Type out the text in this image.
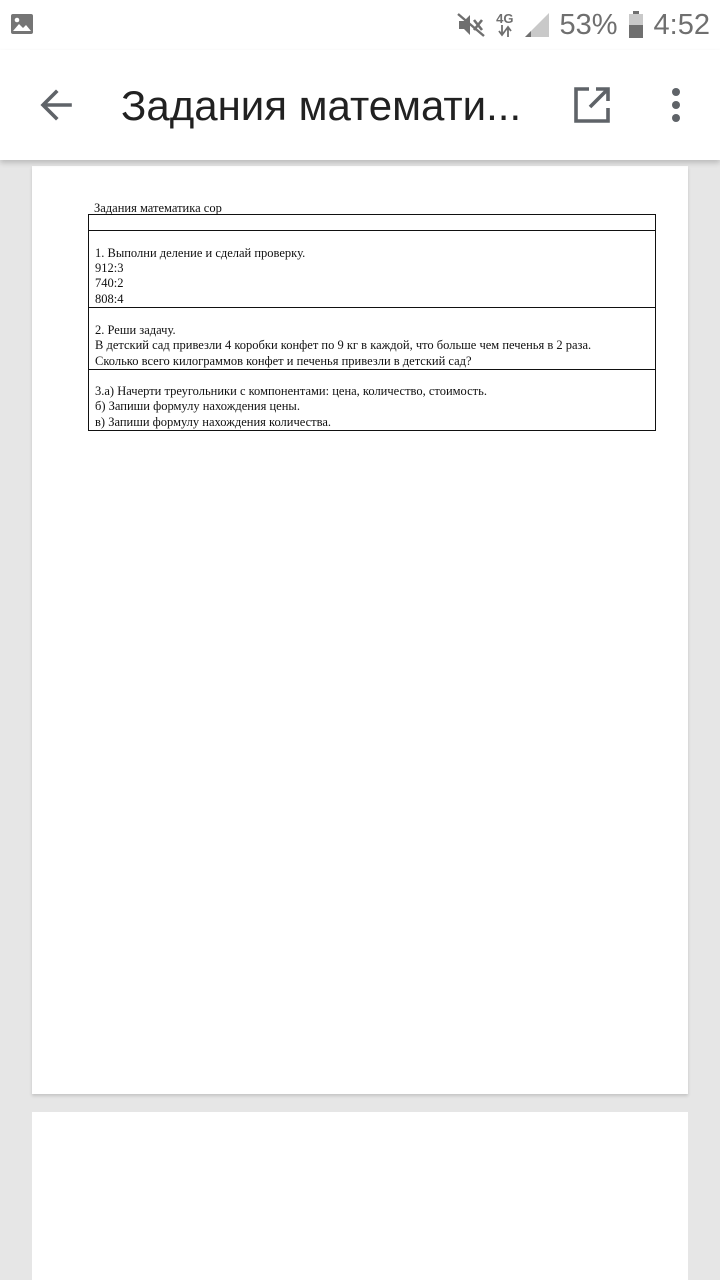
4G 53% 4:52
Задания математи...
Задания математика сор

1. Выполни деление и сделай проверку.
912:3
740:2
808:4

2. Реши задачу.
В детский сад привезли 4 коробки конфет по 9 кг в каждой, что больше чем печенья в 2 раза.
Сколько всего килограммов конфет и печенья привезли в детский сад?

3.а) Начерти треугольники с компонентами: цена, количество, стоимость.
б) Запиши формулу нахождения цены.
в) Запиши формулу нахождения количества.
